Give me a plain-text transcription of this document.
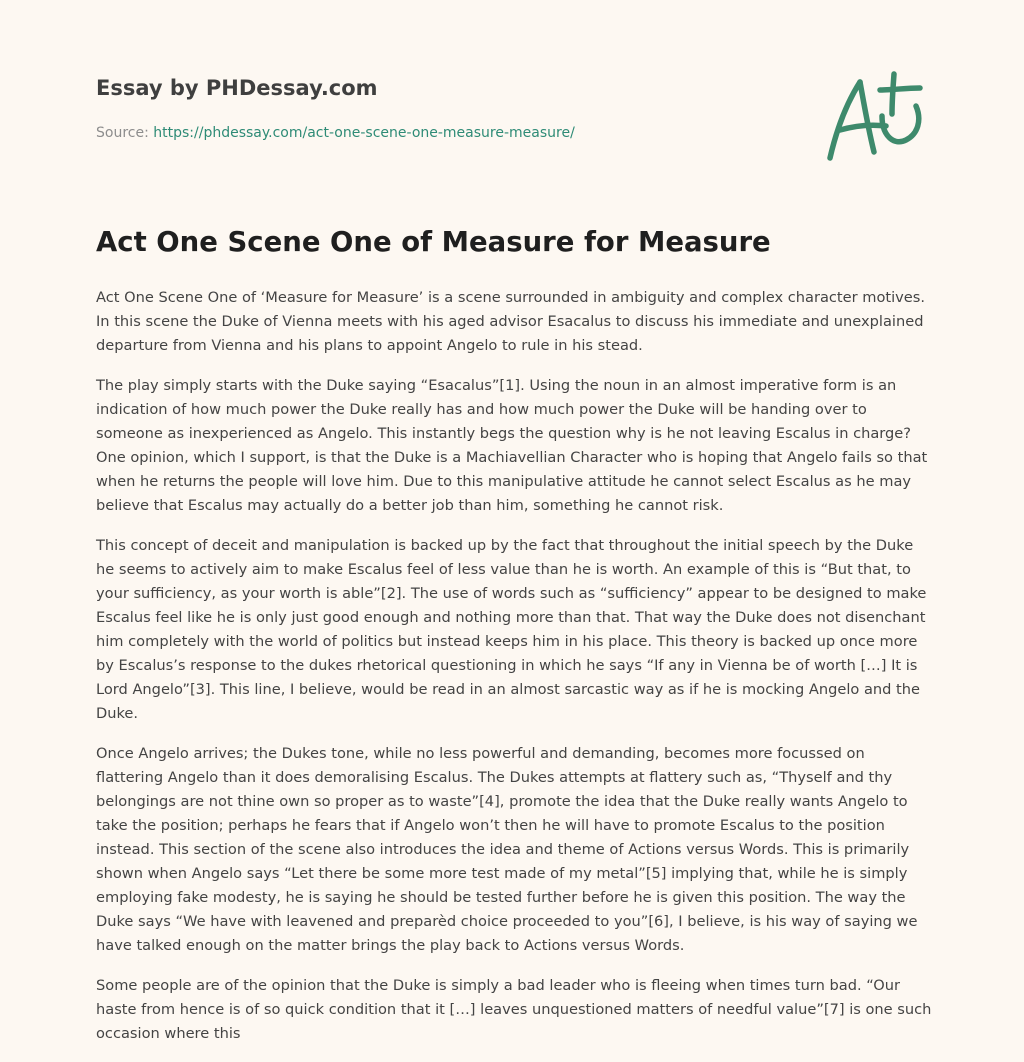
Essay by PHDessay.com

Source: https://phdessay.com/act-one-scene-one-measure-measure/
Act One Scene One of Measure for Measure

Act One Scene One of ‘Measure for Measure’ is a scene surrounded in ambiguity and complex character motives. In this scene the Duke of Vienna meets with his aged advisor Esacalus to discuss his immediate and unexplained departure from Vienna and his plans to appoint Angelo to rule in his stead.

The play simply starts with the Duke saying “Esacalus”[1]. Using the noun in an almost imperative form is an indication of how much power the Duke really has and how much power the Duke will be handing over to someone as inexperienced as Angelo. This instantly begs the question why is he not leaving Escalus in charge? One opinion, which I support, is that the Duke is a Machiavellian Character who is hoping that Angelo fails so that when he returns the people will love him. Due to this manipulative attitude he cannot select Escalus as he may believe that Escalus may actually do a better job than him, something he cannot risk.

This concept of deceit and manipulation is backed up by the fact that throughout the initial speech by the Duke he seems to actively aim to make Escalus feel of less value than he is worth. An example of this is “But that, to your sufficiency, as your worth is able”[2]. The use of words such as “sufficiency” appear to be designed to make Escalus feel like he is only just good enough and nothing more than that. That way the Duke does not disenchant him completely with the world of politics but instead keeps him in his place. This theory is backed up once more by Escalus’s response to the dukes rhetorical questioning in which he says “If any in Vienna be of worth […] It is Lord Angelo”[3]. This line, I believe, would be read in an almost sarcastic way as if he is mocking Angelo and the Duke.

Once Angelo arrives; the Dukes tone, while no less powerful and demanding, becomes more focussed on flattering Angelo than it does demoralising Escalus. The Dukes attempts at flattery such as, “Thyself and thy belongings are not thine own so proper as to waste”[4], promote the idea that the Duke really wants Angelo to take the position; perhaps he fears that if Angelo won’t then he will have to promote Escalus to the position instead. This section of the scene also introduces the idea and theme of Actions versus Words. This is primarily shown when Angelo says “Let there be some more test made of my metal”[5] implying that, while he is simply employing fake modesty, he is saying he should be tested further before he is given this position. The way the Duke says “We have with leavened and preparèd choice proceeded to you”[6], I believe, is his way of saying we have talked enough on the matter brings the play back to Actions versus Words.

Some people are of the opinion that the Duke is simply a bad leader who is fleeing when times turn bad. “Our haste from hence is of so quick condition that it […] leaves unquestioned matters of needful value”[7] is one such occasion where this
